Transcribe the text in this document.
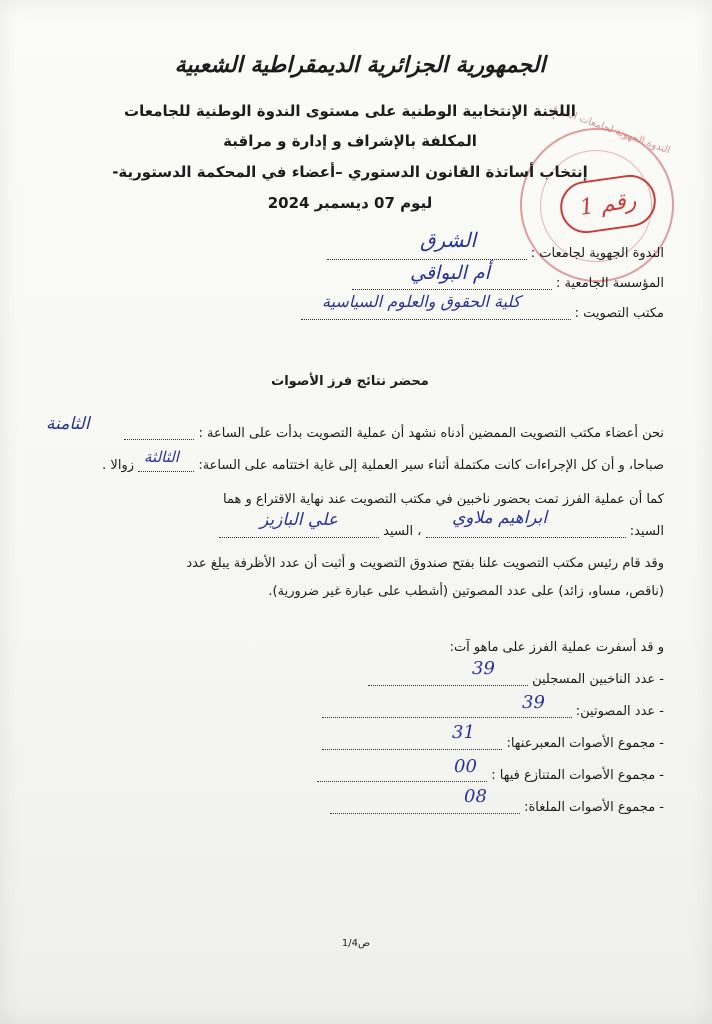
الندوة الجهوية لجامعات الشرق
رقم 1
الجمهورية الجزائرية الديمقراطية الشعبية
اللجنة الإنتخابية الوطنية على مستوى الندوة الوطنية للجامعات
المكلفة بالإشراف و إدارة و مراقبة
إنتخاب أساتذة القانون الدستوري –أعضاء في المحكمة الدستورية-
ليوم 07 ديسمبر 2024
الندوة الجهوية لجامعات :
الشرق
المؤسسة الجامعية :
أم البواقي
مكتب التصويت :
كلية الحقوق والعلوم السياسية
محضر نتائج فرز الأصوات
نحن أعضاء مكتب التصويت الممضين أدناه نشهد أن عملية التصويت بدأت على الساعة :
الثامنة
صباحا، و أن كل الإجراءات كانت مكتملة أثناء سير العملية إلى غاية اختتامه على الساعة:  زوالا . الثالثة
كما أن عملية الفرز تمت بحضور ناخبين في مكتب التصويت عند نهاية الاقتراع و هما
السيد:  ، السيد
ابراهيم ملاوي
علي البازيز
وقد قام رئيس مكتب التصويت علنا بفتح صندوق التصويت و أثبت أن عدد الأظرفة يبلغ عدد
(ناقص، مساو، زائد) على عدد المصوتين (أشطب على عبارة غير ضرورية).
و قد أسفرت عملية الفرز على ماهو آت:
- عدد الناخبين المسجلين
39
- عدد المصوتين:
39
- مجموع الأصوات المعبرعنها:
31
- مجموع الأصوات المتنازع فيها :
00
- مجموع الأصوات الملغاة:
08
ص1/4
